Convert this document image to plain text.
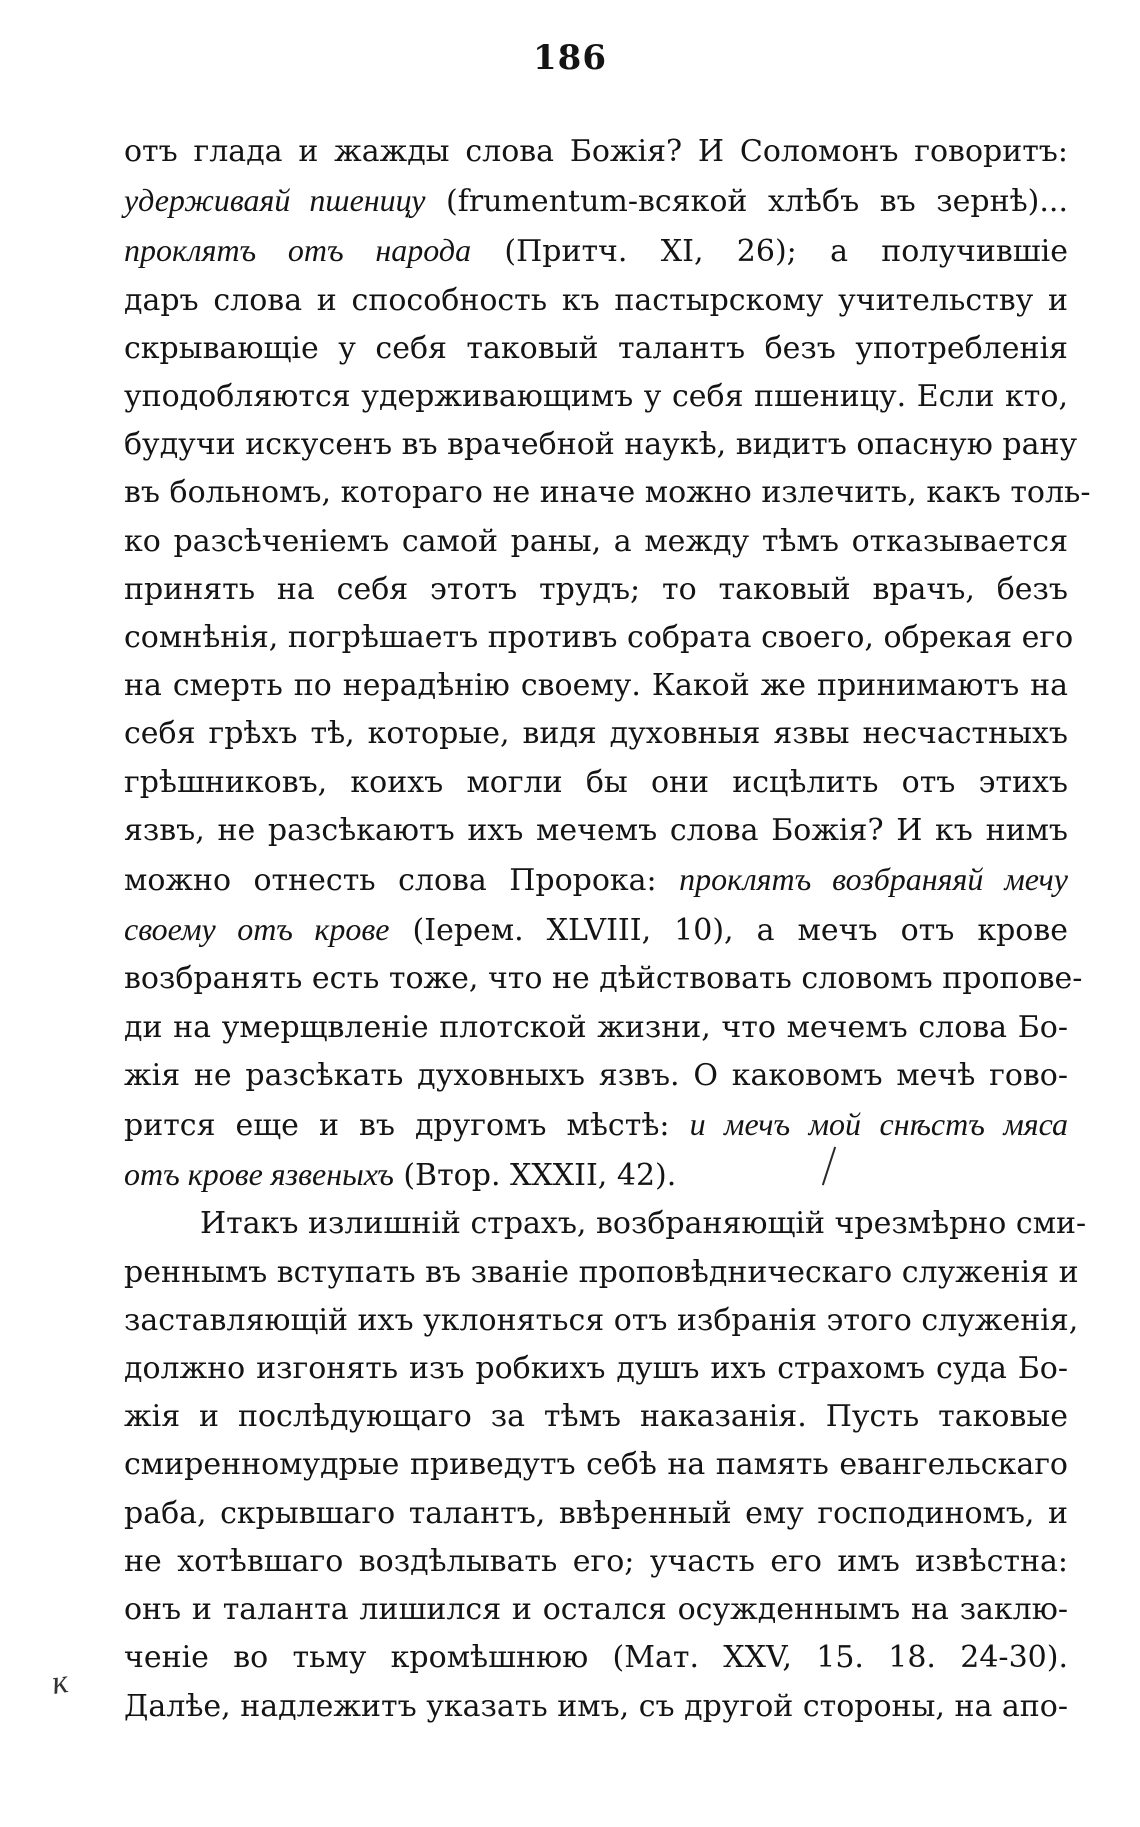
186
отъ глада и жажды слова Божія? И Соломонъ говоритъ:
удерживаяй пшеницу (frumentum-всякой хлѣбъ въ зернѣ)...
проклятъ отъ народа (Притч. XI, 26); а получившіе
даръ слова и способность къ пастырскому учительству и
скрывающіе у себя таковый талантъ безъ употребленія
уподобляются удерживающимъ у себя пшеницу. Если кто,
будучи искусенъ въ врачебной наукѣ, видитъ опасную рану
въ больномъ, котораго не иначе можно излечить, какъ толь-
ко разсѣченіемъ самой раны, а между тѣмъ отказывается
принять на себя этотъ трудъ; то таковый врачъ, безъ
сомнѣнія, погрѣшаетъ противъ собрата своего, обрекая его
на смерть по нерадѣнію своему. Какой же принимаютъ на
себя грѣхъ тѣ, которые, видя духовныя язвы несчастныхъ
грѣшниковъ, коихъ могли бы они исцѣлить отъ этихъ
язвъ, не разсѣкаютъ ихъ мечемъ слова Божія? И къ нимъ
можно отнесть слова Пророка: проклятъ возбраняяй мечу
своему отъ крове (Iерем. XLVIII, 10), а мечъ отъ крове
возбранять есть тоже, что не дѣйствовать словомъ пропове-
ди на умерщвленіе плотской жизни, что мечемъ слова Бо-
жія не разсѣкать духовныхъ язвъ. О каковомъ мечѣ гово-
рится еще и въ другомъ мѣстѣ: и мечъ мой снѣстъ мяса
отъ крове язвеныхъ (Втор. XXXII, 42).
Итакъ излишній страхъ, возбраняющій чрезмѣрно сми-
реннымъ вступать въ званіе проповѣдническаго служенія и
заставляющій ихъ уклоняться отъ избранія этого служенія,
должно изгонять изъ робкихъ душъ ихъ страхомъ суда Бо-
жія и послѣдующаго за тѣмъ наказанія. Пусть таковые
смиренномудрые приведутъ себѣ на память евангельскаго
раба, скрывшаго талантъ, ввѣренный ему господиномъ, и
не хотѣвшаго воздѣлывать его; участь его имъ извѣстна:
онъ и таланта лишился и остался осужденнымъ на заклю-
ченіе во тьму кромѣшнюю (Мат. XXV, 15. 18. 24-30).
Далѣе, надлежитъ указать имъ, съ другой стороны, на апо-
к
